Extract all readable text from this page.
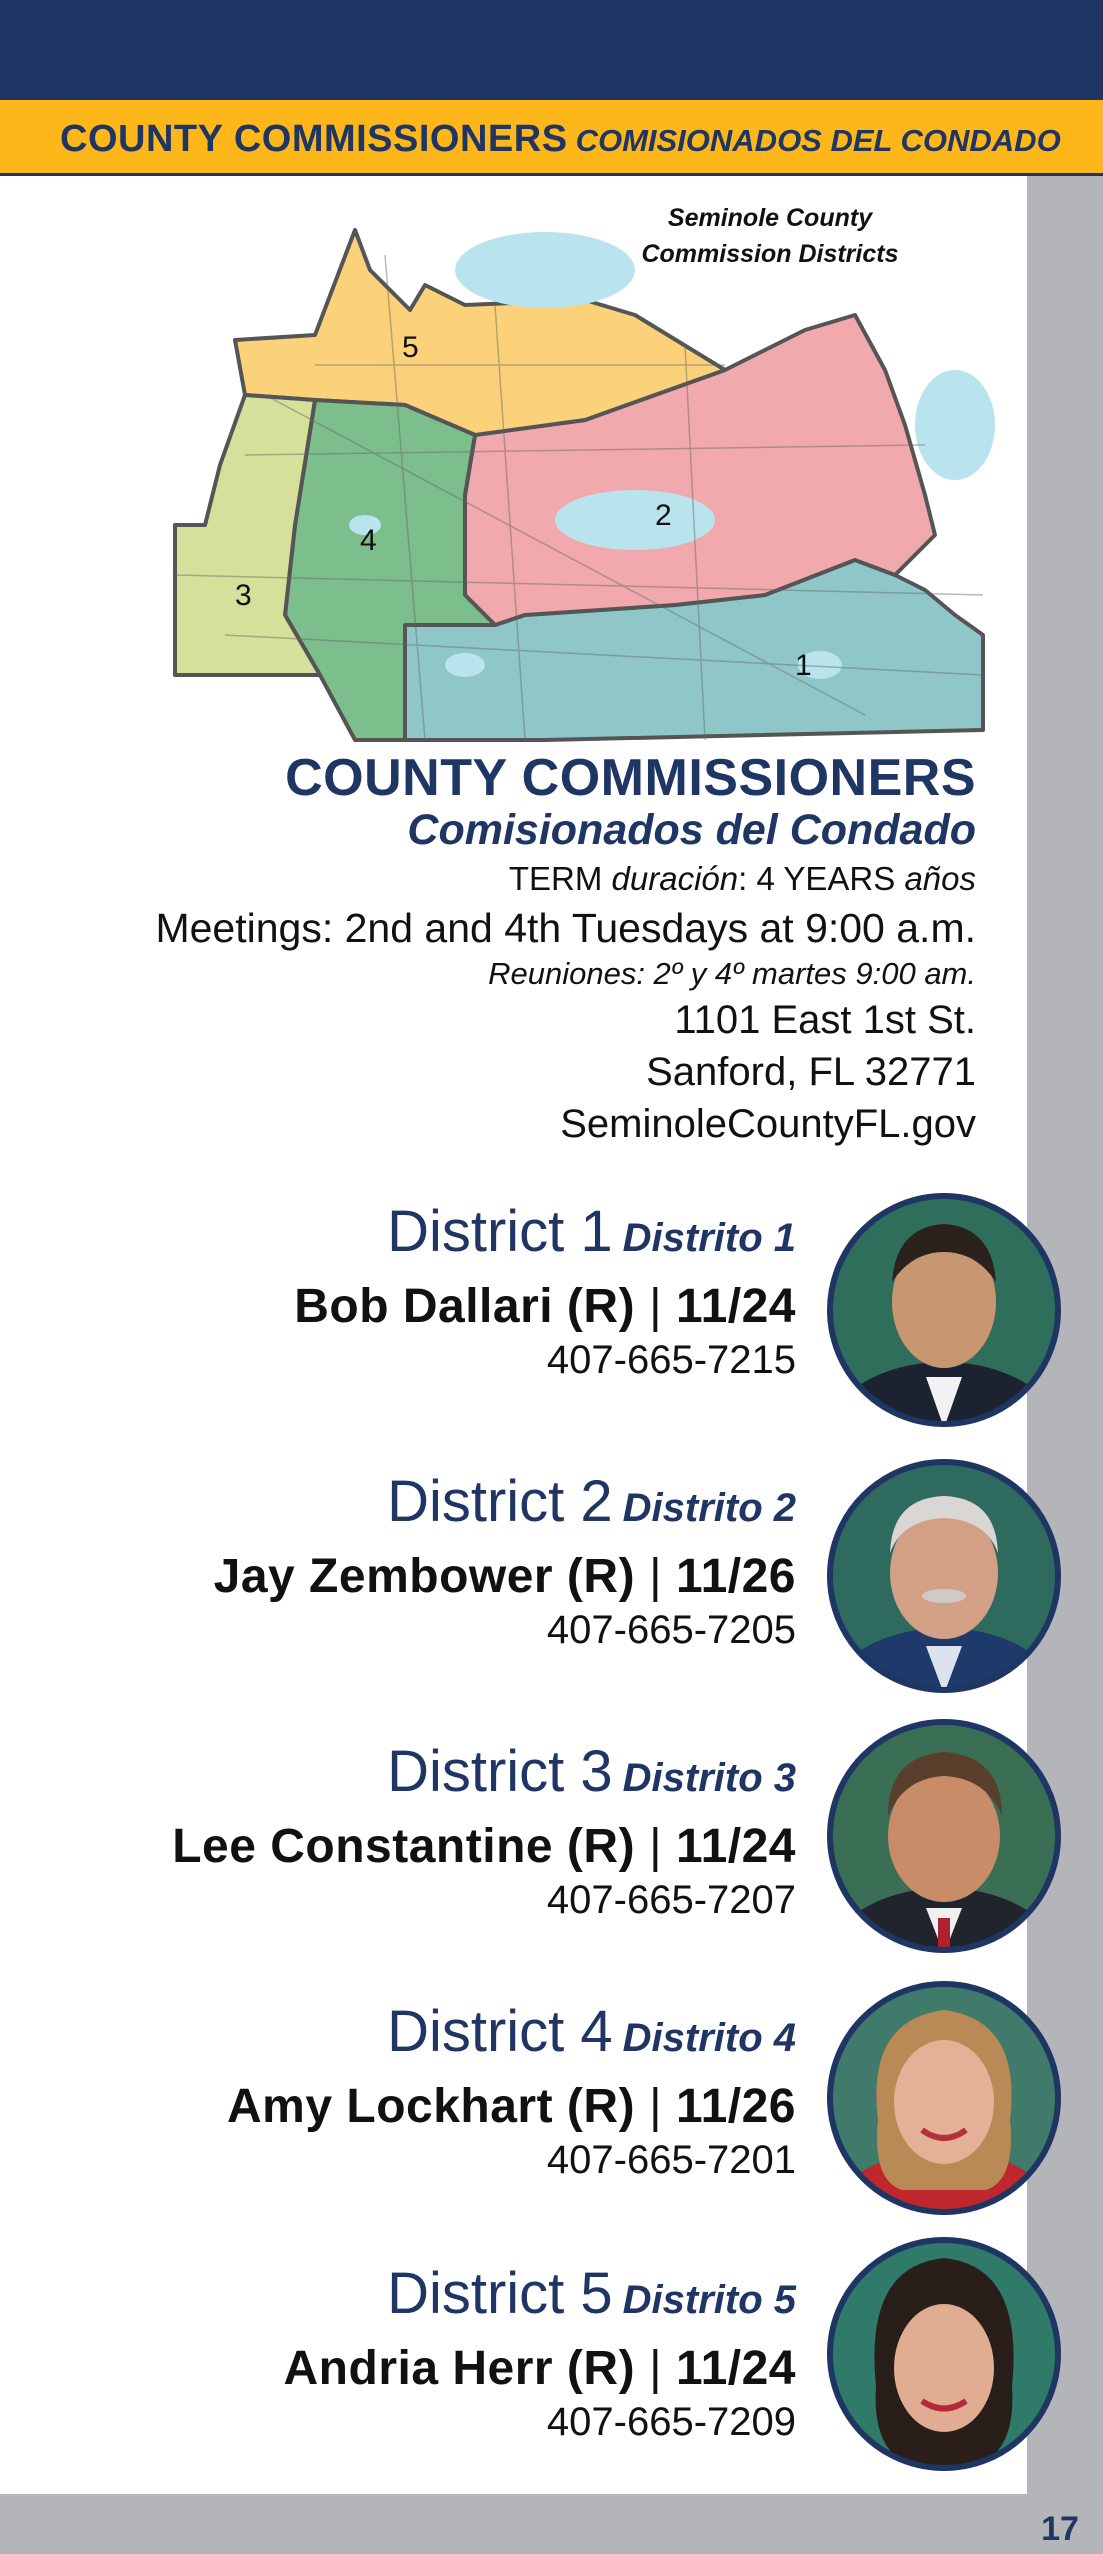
COUNTY COMMISSIONERS COMISIONADOS DEL CONDADO
1
2
3
4
5
Seminole County
Commission Districts
COUNTY COMMISSIONERS
Comisionados del Condado
TERM duración: 4 YEARS años
Meetings: 2nd and 4th Tuesdays at 9:00 a.m.
Reuniones: 2º y 4º martes 9:00 am.
1101 East 1st St.
Sanford, FL 32771
SeminoleCountyFL.gov
District 1 Distrito 1
Bob Dallari (R) | 11/24
407-665-7215
District 2 Distrito 2
Jay Zembower (R) | 11/26
407-665-7205
District 3 Distrito 3
Lee Constantine (R) | 11/24
407-665-7207
District 4 Distrito 4
Amy Lockhart (R) | 11/26
407-665-7201
District 5 Distrito 5
Andria Herr (R) | 11/24
407-665-7209
17
